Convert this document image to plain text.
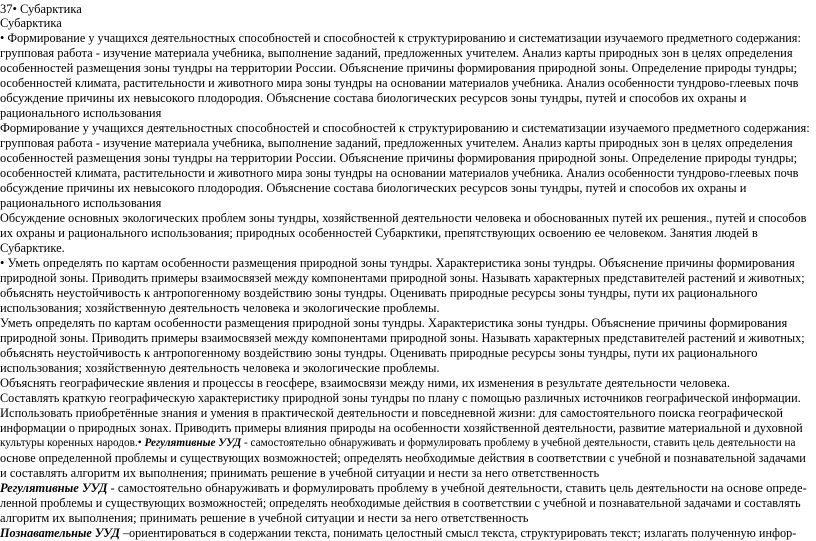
37• Субарктика
Субарктика
• Формирование у учащихся деятельностных способностей и способностей к структурированию и систематизации изучаемого предметного содержания:
групповая работа - изучение материала учебника, выполнение заданий, предложенных учителем. Анализ карты природных зон в целях определения
особенностей размещения зоны тундры на территории России. Объяснение причины формирования природной зоны. Определение природы тундры;
особенностей климата, растительности и животного мира зоны тундры на основании материалов учебника. Анализ особенности тундрово-глеевых почв
обсуждение причины их невысокого плодородия. Объяснение состава биологических ресурсов зоны тундры, путей и способов их охраны и
рационального использования
Формирование у учащихся деятельностных способностей и способностей к структурированию и систематизации изучаемого предметного содержания:
групповая работа - изучение материала учебника, выполнение заданий, предложенных учителем. Анализ карты природных зон в целях определения
особенностей размещения зоны тундры на территории России. Объяснение причины формирования природной зоны. Определение природы тундры;
особенностей климата, растительности и животного мира зоны тундры на основании материалов учебника. Анализ особенности тундрово-глеевых почв
обсуждение причины их невысокого плодородия. Объяснение состава биологических ресурсов зоны тундры, путей и способов их охраны и
рационального использования
Обсуждение основных экологических проблем зоны тундры, хозяйственной деятельности человека и обоснованных путей их решения., путей и способов
их охраны и рационального использования; природных особенностей Субарктики, препятствующих освоению ее человеком. Занятия людей в
Субарктике.
• Уметь определять по картам особенности размещения природной зоны тундры. Характеристика зоны тундры. Объяснение причины формирования
природной зоны. Приводить примеры взаимосвязей между компонентами природной зоны. Называть характерных представителей растений и животных;
объяснять неустойчивость к антропогенному воздействию зоны тундры. Оценивать природные ресурсы зоны тундры, пути их рационального
использования; хозяйственную деятельность человека и экологические проблемы.
Уметь определять по картам особенности размещения природной зоны тундры. Характеристика зоны тундры. Объяснение причины формирования
природной зоны. Приводить примеры взаимосвязей между компонентами природной зоны. Называть характерных представителей растений и животных;
объяснять неустойчивость к антропогенному воздействию зоны тундры. Оценивать природные ресурсы зоны тундры, пути их рационального
использования; хозяйственную деятельность человека и экологические проблемы.
Объяснять географические явления и процессы в геосфере, взаимосвязи между ними, их изменения в результате деятельности человека.
Составлять краткую географическую характеристику природной зоны тундры по плану с помощью различных источников географической информации.
Использовать приобретённые знания и умения в практической деятельности и повседневной жизни: для самостоятельного поиска географической
информации о природных зонах. Приводить примеры влияния природы на особенности хозяйственной деятельности, развитие материальной и духовной
культуры коренных народов.• Регулятивные УУД - самостоятельно обнаруживать и формулировать проблему в учебной деятельности, ставить цель деятельности на
основе определенной проблемы и существующих возможностей; определять необходимые действия в соответствии с учебной и познавательной задачами
и составлять алгоритм их выполнения; принимать решение в учебной ситуации и нести за него ответственность
Регулятивные УУД - самостоятельно обнаруживать и формулировать проблему в учебной деятельности, ставить цель деятельности на основе опреде-
ленной проблемы и существующих возможностей; определять необходимые действия в соответствии с учебной и познавательной задачами и составлять
алгоритм их выполнения; принимать решение в учебной ситуации и нести за него ответственность
Познавательные УУД –ориентироваться в содержании текста, понимать целостный смысл текста, структурировать текст; излагать полученную инфор-
